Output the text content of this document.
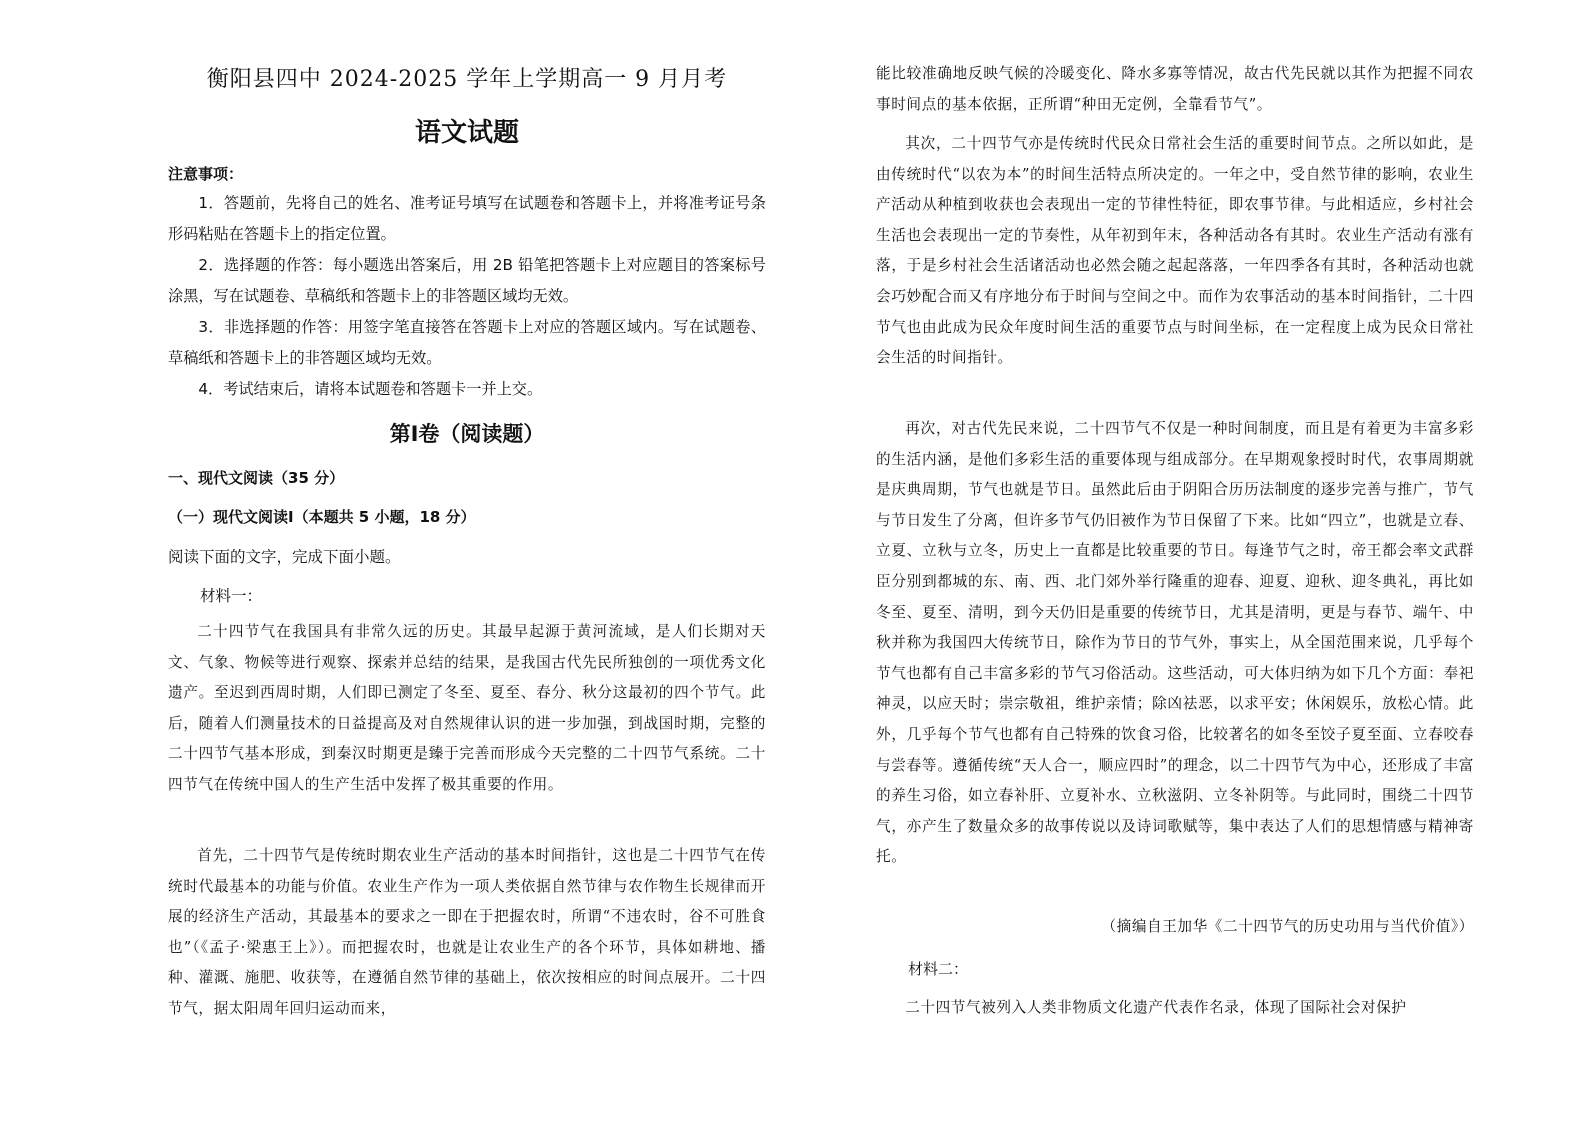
衡阳县四中 2024-2025 学年上学期高一 9 月月考
语文试题
注意事项：

1．答题前，先将自己的姓名、准考证号填写在试题卷和答题卡上，并将准考证号条形码粘贴在答题卡上的指定位置。

2．选择题的作答：每小题选出答案后，用 2B 铅笔把答题卡上对应题目的答案标号涂黑，写在试题卷、草稿纸和答题卡上的非答题区域均无效。

3．非选择题的作答：用签字笔直接答在答题卡上对应的答题区域内。写在试题卷、草稿纸和答题卡上的非答题区域均无效。

4．考试结束后，请将本试题卷和答题卡一并上交。

第Ⅰ卷（阅读题）
一、现代文阅读（35 分）
（一）现代文阅读Ⅰ（本题共 5 小题，18 分）
阅读下面的文字，完成下面小题。
材料一：

二十四节气在我国具有非常久远的历史。其最早起源于黄河流域，是人们长期对天文、气象、物候等进行观察、探索并总结的结果，是我国古代先民所独创的一项优秀文化遗产。至迟到西周时期，人们即已测定了冬至、夏至、春分、秋分这最初的四个节气。此后，随着人们测量技术的日益提高及对自然规律认识的进一步加强，到战国时期，完整的二十四节气基本形成，到秦汉时期更是臻于完善而形成今天完整的二十四节气系统。二十四节气在传统中国人的生产生活中发挥了极其重要的作用。

首先，二十四节气是传统时期农业生产活动的基本时间指针，这也是二十四节气在传统时代最基本的功能与价值。农业生产作为一项人类依据自然节律与农作物生长规律而开展的经济生产活动，其最基本的要求之一即在于把握农时，所谓“不违农时，谷不可胜食也”（《孟子·梁惠王上》）。而把握农时，也就是让农业生产的各个环节，具体如耕地、播种、灌溉、施肥、收获等，在遵循自然节律的基础上，依次按相应的时间点展开。二十四节气，据太阳周年回归运动而来，

能比较准确地反映气候的冷暖变化、降水多寡等情况，故古代先民就以其作为把握不同农事时间点的基本依据，正所谓“种田无定例，全靠看节气”。

其次，二十四节气亦是传统时代民众日常社会生活的重要时间节点。之所以如此，是由传统时代“以农为本”的时间生活特点所决定的。一年之中，受自然节律的影响，农业生产活动从种植到收获也会表现出一定的节律性特征，即农事节律。与此相适应，乡村社会生活也会表现出一定的节奏性，从年初到年末，各种活动各有其时。农业生产活动有涨有落，于是乡村社会生活诸活动也必然会随之起起落落，一年四季各有其时，各种活动也就会巧妙配合而又有序地分布于时间与空间之中。而作为农事活动的基本时间指针，二十四节气也由此成为民众年度时间生活的重要节点与时间坐标，在一定程度上成为民众日常社会生活的时间指针。

再次，对古代先民来说，二十四节气不仅是一种时间制度，而且是有着更为丰富多彩的生活内涵，是他们多彩生活的重要体现与组成部分。在早期观象授时时代，农事周期就是庆典周期，节气也就是节日。虽然此后由于阴阳合历历法制度的逐步完善与推广，节气与节日发生了分离，但许多节气仍旧被作为节日保留了下来。比如“四立”，也就是立春、立夏、立秋与立冬，历史上一直都是比较重要的节日。每逢节气之时，帝王都会率文武群臣分别到都城的东、南、西、北门郊外举行隆重的迎春、迎夏、迎秋、迎冬典礼，再比如冬至、夏至、清明，到今天仍旧是重要的传统节日，尤其是清明，更是与春节、端午、中秋并称为我国四大传统节日，除作为节日的节气外，事实上，从全国范围来说，几乎每个节气也都有自己丰富多彩的节气习俗活动。这些活动，可大体归纳为如下几个方面：奉祀神灵，以应天时；崇宗敬祖，维护亲情；除凶祛恶，以求平安；休闲娱乐，放松心情。此外，几乎每个节气也都有自己特殊的饮食习俗，比较著名的如冬至饺子夏至面、立春咬春与尝春等。遵循传统“天人合一，顺应四时”的理念，以二十四节气为中心，还形成了丰富的养生习俗，如立春补肝、立夏补水、立秋滋阴、立冬补阴等。与此同时，围绕二十四节气，亦产生了数量众多的故事传说以及诗词歌赋等，集中表达了人们的思想情感与精神寄托。

（摘编自王加华《二十四节气的历史功用与当代价值》）
材料二：

二十四节气被列入人类非物质文化遗产代表作名录，体现了国际社会对保护
